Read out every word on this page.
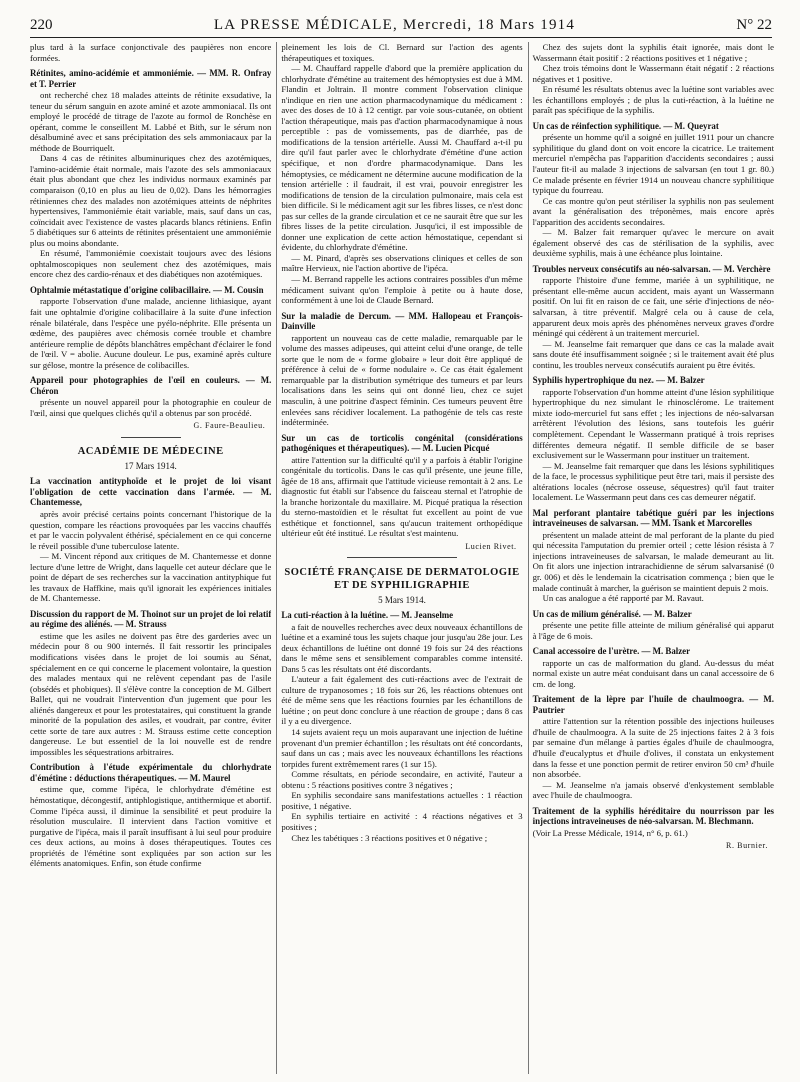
220	LA PRESSE MÉDICALE, Mercredi, 18 Mars 1914	N° 22

plus tard à la surface conjonctivale des paupières non encore formées.

Rétinites, amino-acidémie et ammoniémie. — MM. R. Onfray et T. Perrier

ont recherché chez 18 malades atteints de rétinite exsudative, la teneur du sérum sanguin en azote aminé et azote ammoniacal. Ils ont employé le procédé de titrage de l'azote au formol de Ronchèse en opérant, comme le conseillent M. Labbé et Bith, sur le sérum non désalbuminé avec et sans précipitation des sels ammoniacaux par la méthode de Bourriquelt.

Dans 4 cas de rétinites albuminuriques chez des azotémiques, l'amino-acidémie était normale, mais l'azote des sels ammoniacaux était plus abondant que chez les individus normaux examinés par comparaison (0,10 en plus au lieu de 0,02). Dans les hémorragies rétiniennes chez des malades non azotémiques atteints de néphrites hypertensives, l'ammoniémie était variable, mais, sauf dans un cas, coïncidait avec l'existence de vastes placards blancs rétiniens. Enfin 5 diabétiques sur 6 atteints de rétinites présentaient une ammoniémie plus ou moins abondante.

En résumé, l'ammoniémie coexistait toujours avec des lésions ophtalmoscopiques non seulement chez des azotémiques, mais encore chez des cardio-rénaux et des diabétiques non azotémiques.

Ophtalmie métastatique d'origine colibacillaire. — M. Cousin

rapporte l'observation d'une malade, ancienne lithiasique, ayant fait une ophtalmie d'origine colibacillaire à la suite d'une infection rénale bilatérale, dans l'espèce une pyélo-néphrite. Elle présenta un œdème, des paupières avec chémosis cornée trouble et chambre antérieure remplie de dépôts blanchâtres empêchant d'éclairer le fond de l'œil. V = abolie. Aucune douleur. Le pus, examiné après culture sur gélose, montre la présence de colibacilles.

Appareil pour photographies de l'œil en couleurs. — M. Chéron

présente un nouvel appareil pour la photographie en couleur de l'œil, ainsi que quelques clichés qu'il a obtenus par son procédé.

G. Faure-Beaulieu.
ACADÉMIE DE MÉDECINE
17 Mars 1914.
La vaccination antityphoïde et le projet de loi visant l'obligation de cette vaccination dans l'armée. — M. Chantemesse,

après avoir précisé certains points concernant l'historique de la question, compare les réactions provoquées par les vaccins chauffés et par le vaccin polyvalent éthérisé, spécialement en ce qui concerne le réveil possible d'une tuberculose latente.

— M. Vincent répond aux critiques de M. Chantemesse et donne lecture d'une lettre de Wright, dans laquelle cet auteur déclare que le point de départ de ses recherches sur la vaccination antityphique fut les travaux de Haffkine, mais qu'il ignorait les expériences initiales de M. Chantemesse.

Discussion du rapport de M. Thoinot sur un projet de loi relatif au régime des aliénés. — M. Strauss

estime que les asiles ne doivent pas être des garderies avec un médecin pour 8 ou 900 internés. Il fait ressortir les principales modifications visées dans le projet de loi soumis au Sénat, spécialement en ce qui concerne le placement volontaire, la question des malades mentaux qui ne relèvent cependant pas de l'asile (obsédés et phobiques). Il s'élève contre la conception de M. Gilbert Ballet, qui ne voudrait l'intervention d'un jugement que pour les aliénés dangereux et pour les protestataires, qui constituent la grande minorité de la population des asiles, et voudrait, par contre, éviter cette sorte de tare aux autres : M. Strauss estime cette conception dangereuse. Le but essentiel de la loi nouvelle est de rendre impossibles les séquestrations arbitraires.

Contribution à l'étude expérimentale du chlorhydrate d'émétine : déductions thérapeutiques. — M. Maurel

estime que, comme l'ipéca, le chlorhydrate d'émétine est hémostatique, décongestif, antiphlogistique, antithermique et abortif. Comme l'ipéca aussi, il diminue la sensibilité et peut produire la résolution musculaire. Il intervient dans l'action vomitive et purgative de l'ipéca, mais il paraît insuffisant à lui seul pour produire ces deux actions, au moins à doses thérapeutiques. Toutes ces propriétés de l'émétine sont expliquées par son action sur les éléments anatomiques. Enfin, son étude confirme

pleinement les lois de Cl. Bernard sur l'action des agents thérapeutiques et toxiques.

— M. Chauffard rappelle d'abord que la première application du chlorhydrate d'émétine au traitement des hémoptysies est due à MM. Flandin et Joltrain. Il montre comment l'observation clinique n'indique en rien une action pharmacodynamique du médicament : avec des doses de 10 à 12 centigr. par voie sous-cutanée, on obtient l'action thérapeutique, mais pas d'action pharmacodynamique à nous perceptible : pas de vomissements, pas de diarrhée, pas de modifications de la tension artérielle. Aussi M. Chauffard a-t-il pu dire qu'il faut parler avec le chlorhydrate d'émétine d'une action spécifique, et non d'ordre pharmacodynamique. Dans les hémoptysies, ce médicament ne détermine aucune modification de la tension artérielle : il faudrait, il est vrai, pouvoir enregistrer les modifications de tension de la circulation pulmonaire, mais cela est bien difficile. Si le médicament agit sur les fibres lisses, ce n'est donc pas sur celles de la grande circulation et ce ne saurait être que sur les fibres lisses de la petite circulation. Jusqu'ici, il est impossible de donner une explication de cette action hémostatique, cependant si évidente, du chlorhydrate d'émétine.

— M. Pinard, d'après ses observations cliniques et celles de son maître Hervieux, nie l'action abortive de l'ipéca.

— M. Berrand rappelle les actions contraires possibles d'un même médicament suivant qu'on l'emploie à petite ou à haute dose, conformément à une loi de Claude Bernard.

Sur la maladie de Dercum. — MM. Hallopeau et François-Dainville

rapportent un nouveau cas de cette maladie, remarquable par le volume des masses adipeuses, qui atteint celui d'une orange, de telle sorte que le nom de « forme globaire » leur doit être appliqué de préférence à celui de « forme nodulaire ». Ce cas était également remarquable par la distribution symétrique des tumeurs et par leurs localisations dans les seins qui ont donné lieu, chez ce sujet masculin, à une poitrine d'aspect féminin. Ces tumeurs peuvent être enlevées sans récidiver localement. La pathogénie de tels cas reste indéterminée.

Sur un cas de torticolis congénital (considérations pathogéniques et thérapeutiques). — M. Lucien Picqué

attire l'attention sur la difficulté qu'il y a parfois à établir l'origine congénitale du torticolis. Dans le cas qu'il présente, une jeune fille, âgée de 18 ans, affirmait que l'attitude vicieuse remontait à 2 ans. Le diagnostic fut établi sur l'absence du faisceau sternal et l'atrophie de la branche horizontale du maxillaire. M. Picqué pratiqua la résection du sterno-mastoïdien et le résultat fut excellent au point de vue esthétique et fonctionnel, sans qu'aucun traitement orthopédique ultérieur eût été institué. Le résultat s'est maintenu.

Lucien Rivet.
SOCIÉTÉ FRANÇAISE DE DERMATOLOGIE
ET DE SYPHILIGRAPHIE
5 Mars 1914.
La cuti-réaction à la luétine. — M. Jeanselme

a fait de nouvelles recherches avec deux nouveaux échantillons de luétine et a examiné tous les sujets chaque jour jusqu'au 28e jour. Les deux échantillons de luétine ont donné 19 fois sur 24 des réactions dans le même sens et sensiblement comparables comme intensité. Dans 5 cas les résultats ont été discordants.

L'auteur a fait également des cuti-réactions avec de l'extrait de culture de trypanosomes ; 18 fois sur 26, les réactions obtenues ont été de même sens que les réactions fournies par les échantillons de luétine ; on peut donc conclure à une réaction de groupe ; dans 8 cas il y a eu divergence.

14 sujets avaient reçu un mois auparavant une injection de luétine provenant d'un premier échantillon ; les résultats ont été concordants, sauf dans un cas ; mais avec les nouveaux échantillons les réactions torpides furent extrêmement rares (1 sur 15).

Comme résultats, en période secondaire, en activité, l'auteur a obtenu : 5 réactions positives contre 3 négatives ;

En syphilis secondaire sans manifestations actuelles : 1 réaction positive, 1 négative.

En syphilis tertiaire en activité : 4 réactions négatives et 3 positives ;

Chez les tabétiques : 3 réactions positives et 0 négative ;

Chez des sujets dont la syphilis était ignorée, mais dont le Wassermann était positif : 2 réactions positives et 1 négative ;

Chez trois témoins dont le Wassermann était négatif : 2 réactions négatives et 1 positive.

En résumé les résultats obtenus avec la luétine sont variables avec les échantillons employés ; de plus la cuti-réaction, à la luétine ne paraît pas spécifique de la syphilis.

Un cas de réinfection syphilitique. — M. Queyrat

présente un homme qu'il a soigné en juillet 1911 pour un chancre syphilitique du gland dont on voit encore la cicatrice. Le traitement mercuriel n'empêcha pas l'apparition d'accidents secondaires ; aussi l'auteur fit-il au malade 3 injections de salvarsan (en tout 1 gr. 80.) Ce malade présente en février 1914 un nouveau chancre syphilitique typique du fourreau.

Ce cas montre qu'on peut stériliser la syphilis non pas seulement avant la généralisation des tréponèmes, mais encore après l'apparition des accidents secondaires.

— M. Balzer fait remarquer qu'avec le mercure on avait également observé des cas de stérilisation de la syphilis, avec deuxième syphilis, mais à une échéance plus lointaine.

Troubles nerveux consécutifs au néo-salvarsan. — M. Verchère

rapporte l'histoire d'une femme, mariée à un syphilitique, ne présentant elle-même aucun accident, mais ayant un Wassermann positif. On lui fit en raison de ce fait, une série d'injections de néo-salvarsan, à titre préventif. Malgré cela ou à cause de cela, apparurent deux mois après des phénomènes nerveux graves d'ordre méningé qui cédèrent à un traitement mercuriel.

— M. Jeanselme fait remarquer que dans ce cas la malade avait sans doute été insuffisamment soignée ; si le traitement avait été plus continu, les troubles nerveux consécutifs auraient pu être évités.

Syphilis hypertrophique du nez. — M. Balzer

rapporte l'observation d'un homme atteint d'une lésion syphilitique hypertrophique du nez simulant le rhinosclérome. Le traitement mixte iodo-mercuriel fut sans effet ; les injections de néo-salvarsan arrêtèrent l'évolution des lésions, sans toutefois les guérir complètement. Cependant le Wassermann pratiqué à trois reprises différentes demeura négatif. Il semble difficile de se baser exclusivement sur le Wassermann pour instituer un traitement.

— M. Jeanselme fait remarquer que dans les lésions syphilitiques de la face, le processus syphilitique peut être tari, mais il persiste des altérations locales (nécrose osseuse, séquestres) qu'il faut traiter localement. Le Wassermann peut dans ces cas demeurer négatif.

Mal perforant plantaire tabétique guéri par les injections intraveineuses de salvarsan. — MM. Tsank et Marcorelles

présentent un malade atteint de mal perforant de la plante du pied qui nécessita l'amputation du premier orteil ; cette lésion résista à 7 injections intraveineuses de salvarsan, le malade demeurant au lit. On fit alors une injection intrarachidienne de sérum salvarsanisé (0 gr. 006) et dès le lendemain la cicatrisation commença ; bien que le malade continuât à marcher, la guérison se maintient depuis 2 mois.

Un cas analogue a été rapporté par M. Ravaut.

Un cas de milium généralisé. — M. Balzer

présente une petite fille atteinte de milium généralisé qui apparut à l'âge de 6 mois.

Canal accessoire de l'urètre. — M. Balzer

rapporte un cas de malformation du gland. Au-dessus du méat normal existe un autre méat conduisant dans un canal accessoire de 6 cm. de long.

Traitement de la lèpre par l'huile de chaulmoogra. — M. Pautrier

attire l'attention sur la rétention possible des injections huileuses d'huile de chaulmoogra. A la suite de 25 injections faites 2 à 3 fois par semaine d'un mélange à parties égales d'huile de chaulmoogra, d'huile d'eucalyptus et d'huile d'olives, il constata un enkystement dans la fesse et une ponction permit de retirer environ 50 cm³ d'huile non absorbée.

— M. Jeanselme n'a jamais observé d'enkystement semblable avec l'huile de chaulmoogra.

Traitement de la syphilis héréditaire du nourrisson par les injections intraveineuses de néo-salvarsan. M. Blechmann.

(Voir La Presse Médicale, 1914, n° 6, p. 61.)

R. Burnier.
